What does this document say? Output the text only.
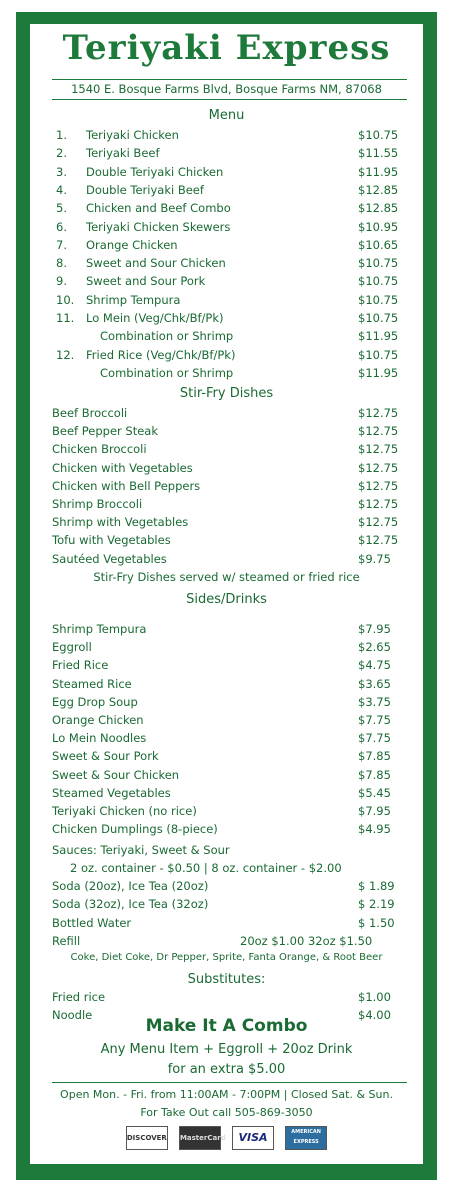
Teriyaki Express
1540 E. Bosque Farms Blvd, Bosque Farms NM, 87068
Menu
1. Teriyaki Chicken	$10.75
2. Teriyaki Beef	$11.55
3. Double Teriyaki Chicken	$11.95
4. Double Teriyaki Beef	$12.85
5. Chicken and Beef Combo	$12.85
6. Teriyaki Chicken Skewers	$10.95
7. Orange Chicken	$10.65
8. Sweet and Sour Chicken	$10.75
9. Sweet and Sour Pork	$10.75
10. Shrimp Tempura	$10.75
11. Lo Mein (Veg/Chk/Bf/Pk)	$10.75
Combination or Shrimp	$11.95
12. Fried Rice (Veg/Chk/Bf/Pk)	$10.75
Combination or Shrimp	$11.95
Stir-Fry Dishes
Beef Broccoli	$12.75
Beef Pepper Steak	$12.75
Chicken Broccoli	$12.75
Chicken with Vegetables	$12.75
Chicken with Bell Peppers	$12.75
Shrimp Broccoli	$12.75
Shrimp with Vegetables	$12.75
Tofu with Vegetables	$12.75
Sautéed Vegetables	$9.75
Stir-Fry Dishes served w/ steamed or fried rice
Sides/Drinks
Shrimp Tempura	$7.95
Eggroll	$2.65
Fried Rice	$4.75
Steamed Rice	$3.65
Egg Drop Soup	$3.75
Orange Chicken	$7.75
Lo Mein Noodles	$7.75
Sweet & Sour Pork	$7.85
Sweet & Sour Chicken	$7.85
Steamed Vegetables	$5.45
Teriyaki Chicken (no rice)	$7.95
Chicken Dumplings (8-piece)	$4.95
Sauces: Teriyaki, Sweet & Sour
2 oz. container - $0.50 | 8 oz. container - $2.00
Soda (20oz), Ice Tea (20oz)	$ 1.89
Soda (32oz), Ice Tea (32oz)	$ 2.19
Bottled Water	$ 1.50
Refill	20oz $1.00 32oz $1.50
Coke, Diet Coke, Dr Pepper, Sprite, Fanta Orange, & Root Beer
Substitutes:
Fried rice	$1.00
Noodle	$4.00
Make It A Combo
Any Menu Item + Eggroll + 20oz Drink
for an extra $5.00
Open Mon. - Fri. from 11:00AM - 7:00PM | Closed Sat. & Sun.
For Take Out call 505-869-3050
DISCOVER MasterCard VISA	AMERICAN EXPRESS
